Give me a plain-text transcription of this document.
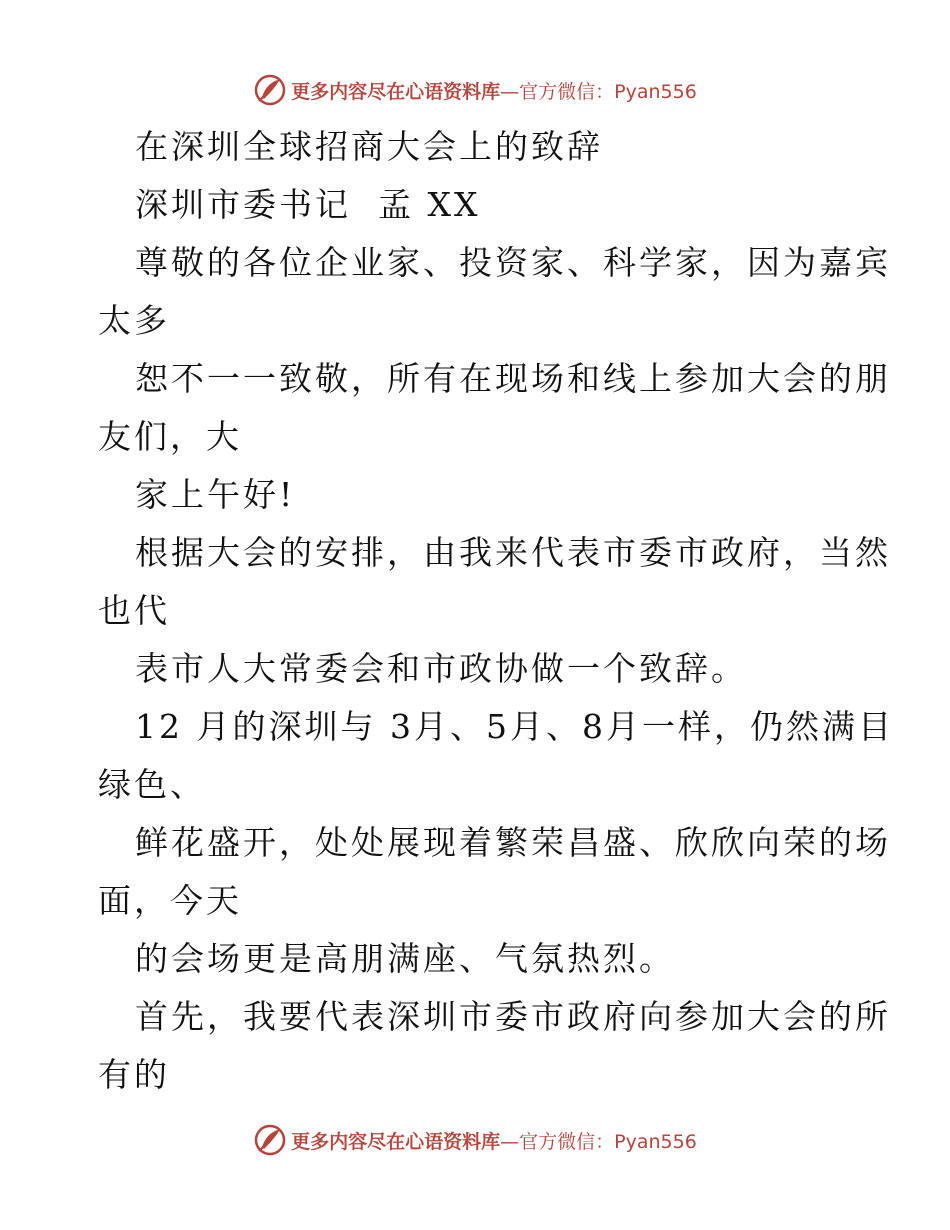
更多内容尽在心语资料库—官方微信：Pyan556

在深圳全球招商大会上的致辞

深圳市委书记  孟 XX

尊敬的各位企业家、投资家、科学家，因为嘉宾

太多

恕不一一致敬，所有在现场和线上参加大会的朋

友们，大

家上午好!

根据大会的安排，由我来代表市委市政府，当然

也代

表市人大常委会和市政协做一个致辞。

12 月的深圳与 3月、5月、8月一样，仍然满目

绿色、

鲜花盛开，处处展现着繁荣昌盛、欣欣向荣的场

面，今天

的会场更是高朋满座、气氛热烈。

首先，我要代表深圳市委市政府向参加大会的所

有的

更多内容尽在心语资料库—官方微信：Pyan556
